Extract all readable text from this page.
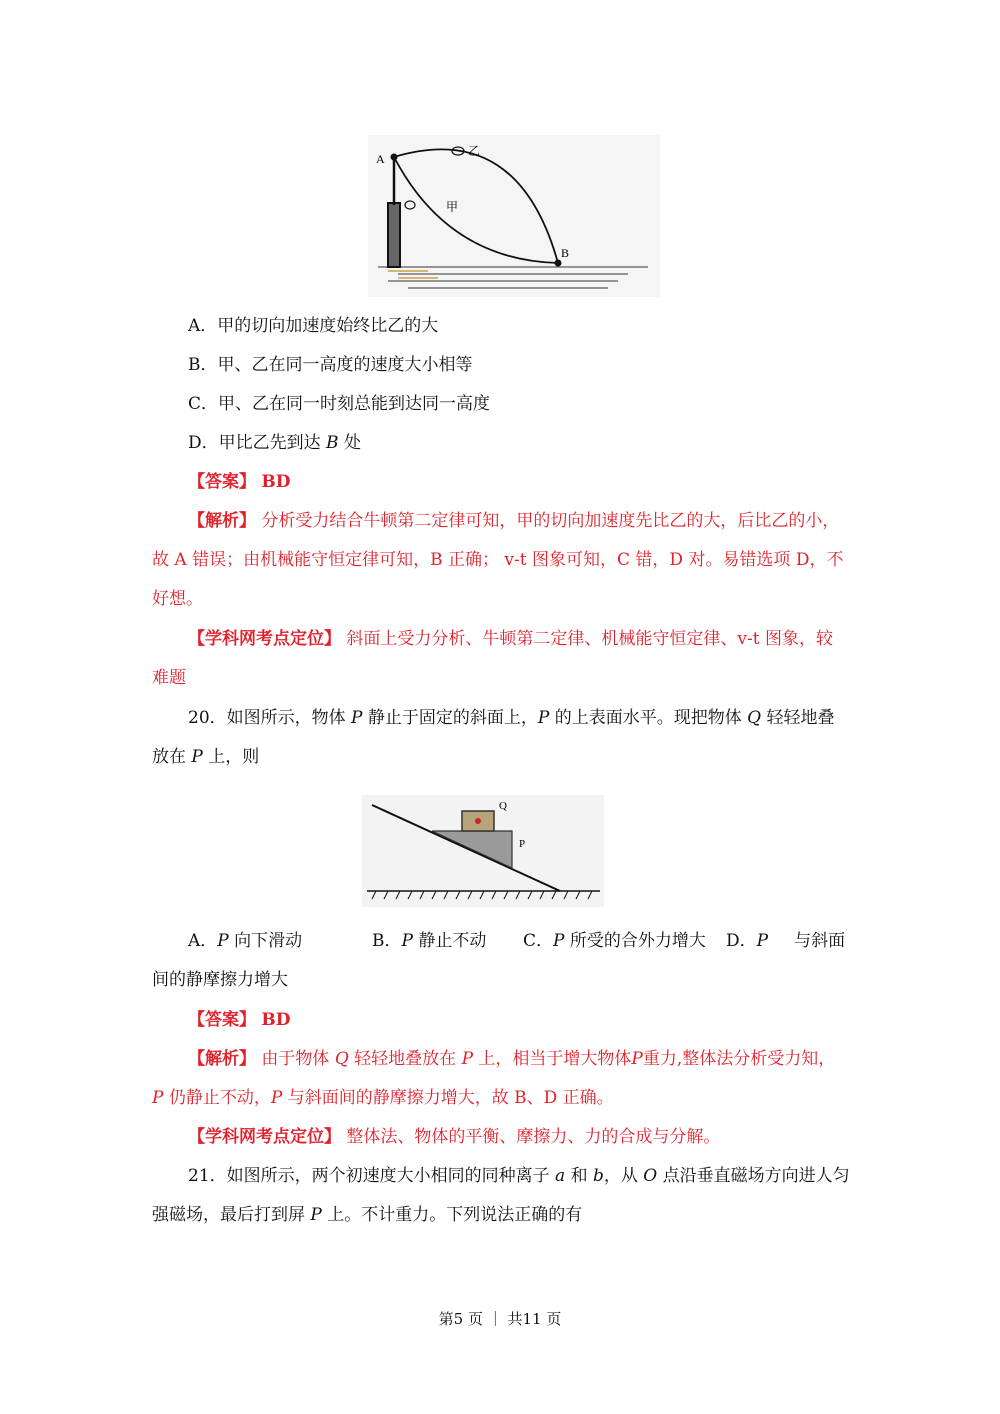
A
B
乙
甲
A．甲的切向加速度始终比乙的大
B．甲、乙在同一高度的速度大小相等
C．甲、乙在同一时刻总能到达同一高度
D．甲比乙先到达 B 处
【答案】 BD
【解析】 分析受力结合牛顿第二定律可知，甲的切向加速度先比乙的大，后比乙的小，
故 A 错误；由机械能守恒定律可知，B 正确； v-t 图象可知，C 错，D 对。易错选项 D，不
好想。
【学科网考点定位】 斜面上受力分析、牛顿第二定律、机械能守恒定律、v-t 图象，较
难题
20．如图所示，物体 P 静止于固定的斜面上，P 的上表面水平。现把物体 Q 轻轻地叠
放在 P 上，则
Q
P
A．P 向下滑动	B．P 静止不动 C．P 所受的合外力增大 D．P 与斜面
间的静摩擦力增大
【答案】 BD
【解析】 由于物体 Q 轻轻地叠放在 P 上，相当于增大物体P重力,整体法分析受力知，
P 仍静止不动，P 与斜面间的静摩擦力增大，故 B、D 正确。
【学科网考点定位】 整体法、物体的平衡、摩擦力、力的合成与分解。
21．如图所示，两个初速度大小相同的同种离子 a 和 b，从 O 点沿垂直磁场方向进人匀
强磁场，最后打到屏 P 上。不计重力。下列说法正确的有
第5 页 ｜ 共11 页
